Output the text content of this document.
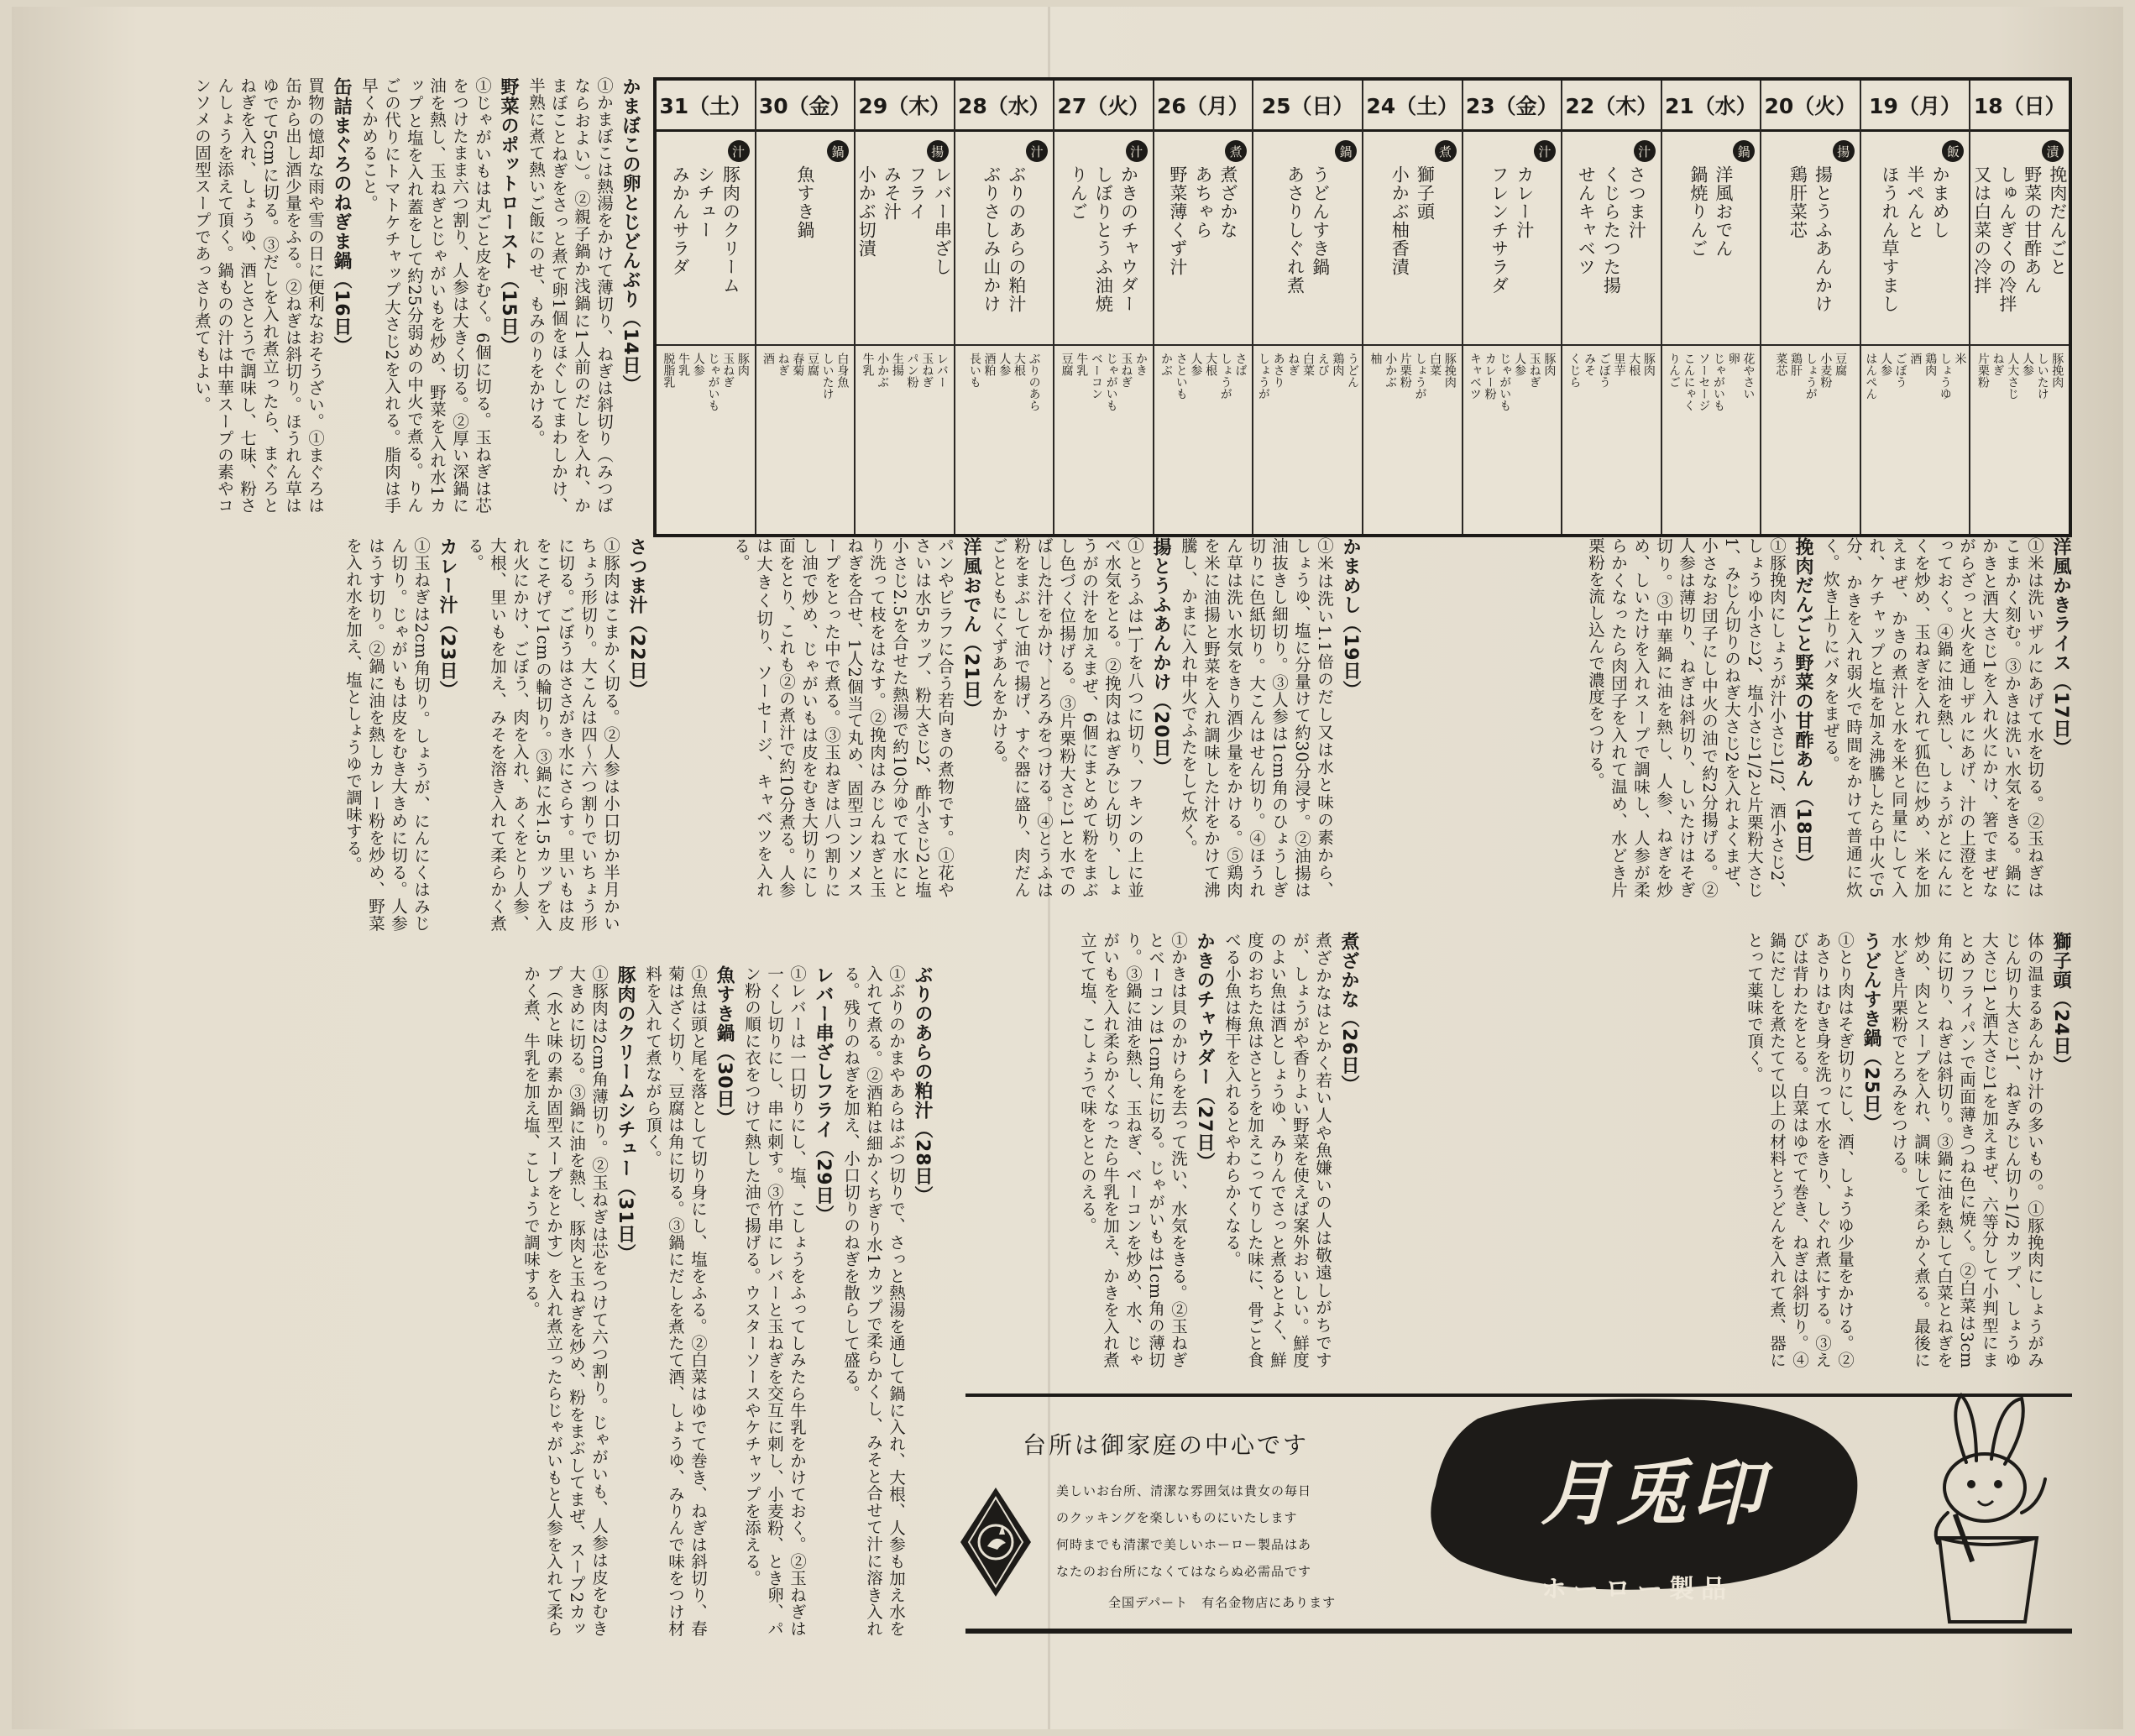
18（日）
漬
挽肉だんごと
野菜の甘酢あん
しゅんぎくの冷拌
又は白菜の冷拌
豚挽肉
しいたけ
人参
人大さじ
ねぎ
片栗粉
19（月）
飯
かまめし
半ぺんと
ほうれん草すまし
米
しょうゆ
鶏肉
酒
ごぼう
人参
はんぺん
20（火）
揚
揚とうふあんかけ
鶏肝菜芯
豆腐
小麦粉
しょうが
鶏肝
菜芯
21（水）
鍋
洋風おでん
鍋焼りんご
花やさい
卵
じゃがいも
ソーセージ
こんにゃく
りんご
22（木）
汁
さつま汁
くじらたつた揚
せんキャベツ
豚肉
大根
里芋
ごぼう
みそ
くじら
23（金）
汁
カレー汁
フレンチサラダ
豚肉
玉ねぎ
人参
じゃがいも
カレー粉
キャベツ
24（土）
煮
獅子頭
小かぶ柚香漬
豚挽肉
白菜
しょうが
片栗粉
小かぶ
柚
25（日）
鍋
うどんすき鍋
あさりしぐれ煮
うどん
鶏肉
えび
白菜
ねぎ
あさり
しょうが
26（月）
煮
煮ざかな
あちゃら
野菜薄くず汁
さば
しょうが
大根
人参
さといも
かぶ
27（火）
汁
かきのチャウダー
しぼりとうふ油焼
りんご
かき
玉ねぎ
じゃがいも
ベーコン
牛乳
豆腐
28（水）
汁
ぶりのあらの粕汁
ぶりさしみ山かけ
ぶりのあら
大根
人参
酒粕
長いも
29（木）
揚
レバー串ざし
フライ
みそ汁
小かぶ切漬
レバー
玉ねぎ
パン粉
生揚
小かぶ
牛乳
30（金）
鍋
魚すき鍋
白身魚
しいたけ
豆腐
春菊
ねぎ
酒
31（土）
汁
豚肉のクリーム
シチュー
みかんサラダ
豚肉
玉ねぎ
じゃがいも
人参
牛乳
脱脂乳
かまぼこの卵とじどんぶり（14日）

①かまぼこは熱湯をかけて薄切り、ねぎは斜切り（みつばならおよい）。②親子鍋か浅鍋に1人前のだしを入れ、かまぼことねぎをさっと煮て卵1個をほぐしてまわしかけ、半熟に煮て熱いご飯にのせ、もみのりをかける。

野菜のポットロースト（15日）

①じゃがいもは丸ごと皮をむく。6個に切る。玉ねぎは芯をつけたまま六つ割り、人参は大きく切る。②厚い深鍋に油を熱し、玉ねぎとじゃがいもを炒め、野菜を入れ水1カップと塩を入れ蓋をして約25分弱めの中火で煮る。りんごの代りにトマトケチャップ大さじ2を入れる。脂肉は手早くかめること。

缶詰まぐろのねぎま鍋（16日）

買物の憶却な雨や雪の日に便利なおそうざい。①まぐろは缶から出し酒少量をふる。②ねぎは斜切り。ほうれん草はゆでて5cmに切る。③だしを入れ煮立ったら、まぐろとねぎを入れ、しょうゆ、酒とさとうで調味し、七味、粉さんしょうを添えて頂く。鍋ものの汁は中華スープの素やコンソメの固型スープであっさり煮てもよい。

洋風かきライス（17日）

①米は洗いザルにあげて水を切る。②玉ねぎはこまかく刻む。③かきは洗い水気をきる。鍋にかきと酒大さじ1を入れ火にかけ、箸でまぜながらざっと火を通しザルにあげ、汁の上澄をとっておく。④鍋に油を熱し、しょうがとにんにくを炒め、玉ねぎを入れて狐色に炒め、米を加えまぜ、かきの煮汁と水を米と同量にして入れ、ケチャップと塩を加え沸騰したら中火で5分、かきを入れ弱火で時間をかけて普通に炊く。炊き上りにバタをまぜる。

挽肉だんごと野菜の甘酢あん（18日）

①豚挽肉にしょうが汁小さじ1/2、酒小さじ2、しょうゆ小さじ2、塩小さじ1/2と片栗粉大さじ1、みじん切りのねぎ大さじ2を入れよくまぜ、小さなお団子にし中火の油で約2分揚げる。②人参は薄切り、ねぎは斜切り、しいたけはそぎ切り。③中華鍋に油を熱し、人参、ねぎを炒め、しいたけを入れスープで調味し、人参が柔らかくなったら肉団子を入れて温め、水どき片栗粉を流し込んで濃度をつける。

かまめし（19日）

①米は洗い1.1倍のだし又は水と味の素から、しょうゆ、塩に分量けて約30分浸す。②油揚は油抜きし細切り。③人参は1cm角のひょうしぎ切りに色紙切り。大こんはせん切り。④ほうれん草は洗い水気をきり酒少量をかける。⑤鶏肉を米に油揚と野菜を入れ調味した汁をかけて沸騰し、かまに入れ中火でふたをして炊く。

揚とうふあんかけ（20日）

①とうふは1丁を八つに切り、フキンの上に並べ水気をとる。②挽肉はねぎみじん切り、しょうがの汁を加えまぜ、6個にまとめて粉をまぶし色づく位揚げる。③片栗粉大さじ1と水でのばした汁をかけ、とろみをつける。④とうふは粉をまぶして油で揚げ、すぐ器に盛り、肉だんごとともにくずあんをかける。

洋風おでん（21日）

パンやピラフに合う若向きの煮物です。①花やさいは水5カップ、粉大さじ2、酢小さじ2と塩小さじ2.5を合せた熱湯で約10分ゆでて水にとり洗って枝をはなす。②挽肉はみじんねぎと玉ねぎを合せ、1人2個当て丸め、固型コンソメスープをとった中で煮る。③玉ねぎは八つ割りにし油で炒め、じゃがいもは皮をむき大切りにし面をとり、これも②の煮汁で約10分煮る。人参は大きく切り、ソーセージ、キャベツを入れる。

さつま汁（22日）

①豚肉はこまかく切る。②人参は小口切か半月かいちょう形切り。大こんは四〜六つ割りでいちょう形に切る。ごぼうはささがき水にさらす。里いもは皮をこそげて1cmの輪切り。③鍋に水1.5カップを入れ火にかけ、ごぼう、肉を入れ、あくをとり人参、大根、里いもを加え、みそを溶き入れて柔らかく煮る。

カレー汁（23日）

①玉ねぎは2cm角切り。しょうが、にんにくはみじん切り。じゃがいもは皮をむき大きめに切る。人参はうす切り。②鍋に油を熱しカレー粉を炒め、野菜を入れ水を加え、塩としょうゆで調味する。

獅子頭（24日）

体の温まるあんかけ汁の多いもの。①豚挽肉にしょうがみじん切り大さじ1、ねぎみじん切り1/2カップ、しょうゆ大さじ1と酒大さじ1を加えまぜ、六等分して小判型にまとめフライパンで両面薄きつね色に焼く。②白菜は3cm角に切り、ねぎは斜切り。③鍋に油を熱して白菜とねぎを炒め、肉とスープを入れ、調味して柔らかく煮る。最後に水どき片栗粉でとろみをつける。

うどんすき鍋（25日）

①とり肉はそぎ切りにし、酒、しょうゆ少量をかける。②あさりはむき身を洗って水をきり、しぐれ煮にする。③えびは背わたをとる。白菜はゆでて巻き、ねぎは斜切り。④鍋にだしを煮たてて以上の材料とうどんを入れて煮、器にとって薬味で頂く。

煮ざかな（26日）

煮ざかなはとかく若い人や魚嫌いの人は敬遠しがちですが、しょうがや香りよい野菜を使えば案外おいしい。鮮度のよい魚は酒としょうゆ、みりんでさっと煮るとよく、鮮度のおちた魚はさとうを加えこってりした味に、骨ごと食べる小魚は梅干を入れるとやわらかくなる。

かきのチャウダー（27日）

①かきは貝のかけらを去って洗い、水気をきる。②玉ねぎとベーコンは1cm角に切る。じゃがいもは1cm角の薄切り。③鍋に油を熱し、玉ねぎ、ベーコンを炒め、水、じゃがいもを入れ柔らかくなったら牛乳を加え、かきを入れ煮立てて塩、こしょうで味をととのえる。

ぶりのあらの粕汁（28日）

①ぶりのかまやあらはぶつ切りで、さっと熱湯を通して鍋に入れ、大根、人参も加え水を入れて煮る。②酒粕は細かくちぎり水1カップで柔らかくし、みそと合せて汁に溶き入れる。残りのねぎを加え、小口切りのねぎを散らして盛る。

レバー串ざしフライ（29日）

①レバーは一口切りにし、塩、こしょうをふってしみたら牛乳をかけておく。②玉ねぎは一くし切りにし、串に刺す。③竹串にレバーと玉ねぎを交互に刺し、小麦粉、とき卵、パン粉の順に衣をつけて熱した油で揚げる。ウスターソースやケチャップを添える。

魚すき鍋（30日）

①魚は頭と尾を落として切り身にし、塩をふる。②白菜はゆでて巻き、ねぎは斜切り、春菊はざく切り、豆腐は角に切る。③鍋にだしを煮たて酒、しょうゆ、みりんで味をつけ材料を入れて煮ながら頂く。

豚肉のクリームシチュー（31日）

①豚肉は2cm角薄切り。②玉ねぎは芯をつけて六つ割り。じゃがいも、人参は皮をむき大きめに切る。③鍋に油を熱し、豚肉と玉ねぎを炒め、粉をまぶしてまぜ、スープ2カップ（水と味の素か固型スープをとかす）を入れ煮立ったらじゃがいもと人参を入れて柔らかく煮、牛乳を加え塩、こしょうで調味する。

台所は御家庭の中心です
美しいお台所、清潔な雰囲気は貴女の毎日
のクッキングを楽しいものにいたします
何時までも清潔で美しいホーロー製品はあ
なたのお台所になくてはならぬ必需品です
全国デパート　有名金物店にあります
月兎印
ホーロー製品
